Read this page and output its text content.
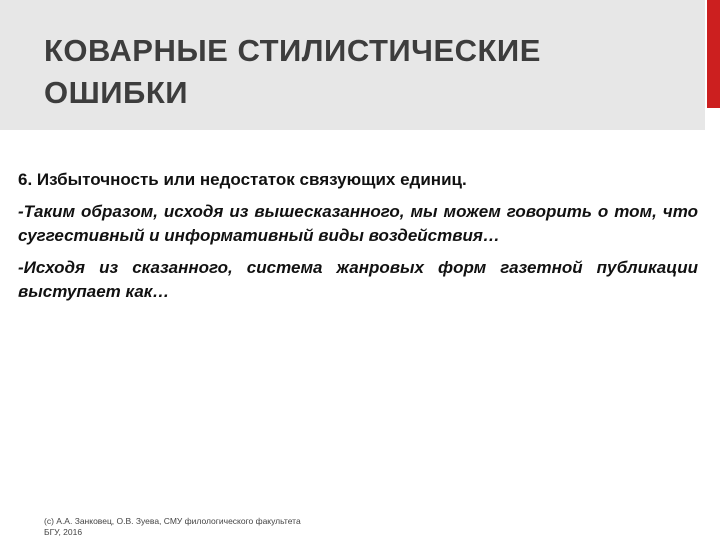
КОВАРНЫЕ СТИЛИСТИЧЕСКИЕ ОШИБКИ

6. Избыточность или недостаток связующих единиц.

-Таким образом, исходя из вышесказанного, мы можем говорить о том, что суггестивный и информативный виды воздействия…

-Исходя из сказанного, система жанровых форм газетной публикации выступает как…

(c) А.А. Занковец, О.В. Зуева, СМУ филологического факультета БГУ, 2016
